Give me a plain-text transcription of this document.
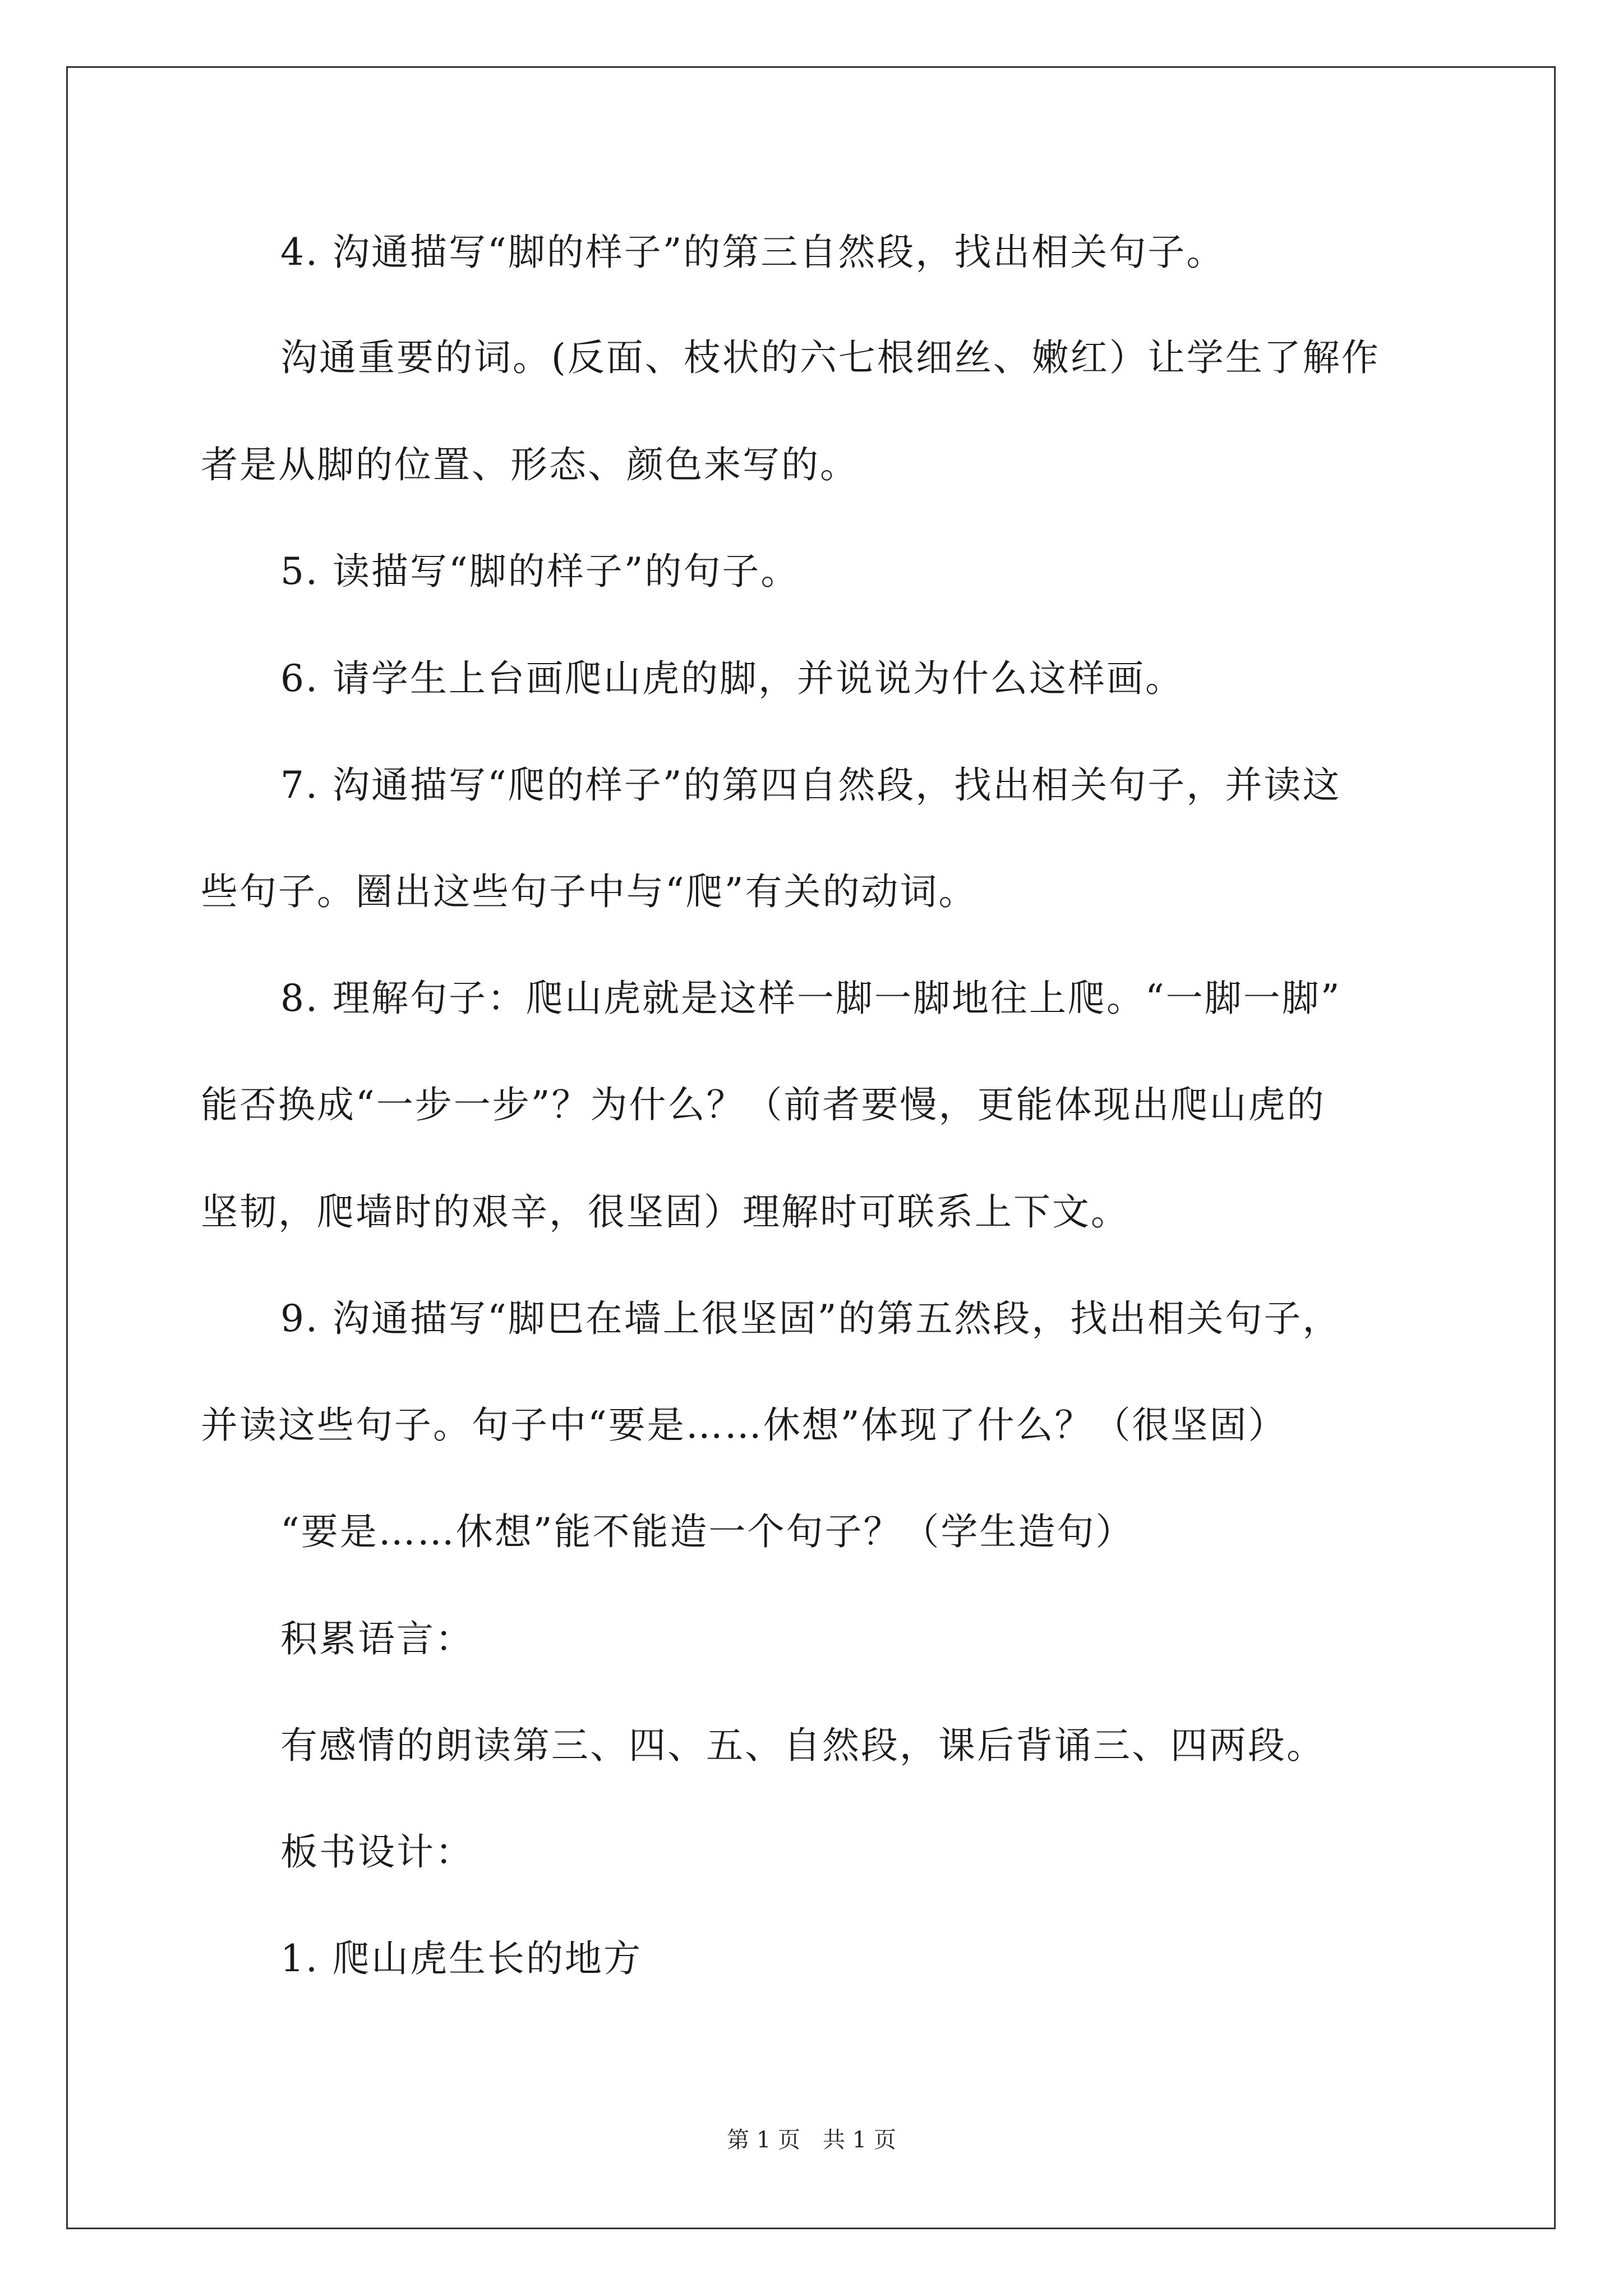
4. 沟通描写“脚的样子”的第三自然段，找出相关句子。
沟通重要的词。(反面、枝状的六七根细丝、嫩红）让学生了解作
者是从脚的位置、形态、颜色来写的。
5. 读描写“脚的样子”的句子。
6. 请学生上台画爬山虎的脚，并说说为什么这样画。
7. 沟通描写“爬的样子”的第四自然段，找出相关句子，并读这
些句子。圈出这些句子中与“爬”有关的动词。
8. 理解句子：爬山虎就是这样一脚一脚地往上爬。“一脚一脚”
能否换成“一步一步”？为什么？（前者要慢，更能体现出爬山虎的
坚韧，爬墙时的艰辛，很坚固）理解时可联系上下文。
9. 沟通描写“脚巴在墙上很坚固”的第五然段，找出相关句子，
并读这些句子。句子中“要是……休想”体现了什么？（很坚固）
“要是……休想”能不能造一个句子？（学生造句）
积累语言：
有感情的朗读第三、四、五、自然段，课后背诵三、四两段。
板书设计：
1. 爬山虎生长的地方
第 1 页　共 1 页
